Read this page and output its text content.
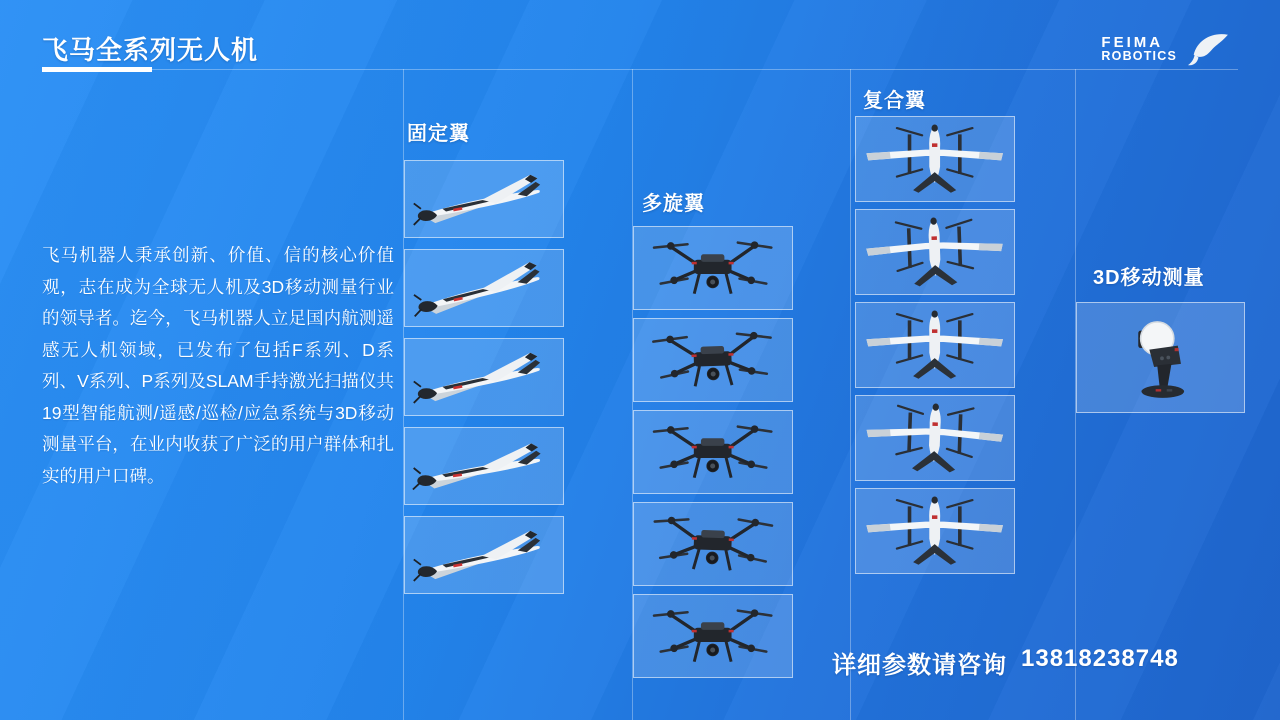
飞马全系列无人机	FEIMA
ROBOTICS

飞马机器人秉承创新、价值、信的核心价值观，志在成为全球无人机及3D移动测量行业的领导者。迄今，飞马机器人立足国内航测遥感无人机领域，已发布了包括F系列、D系列、V系列、P系列及SLAM手持激光扫描仪共19型智能航测/遥感/巡检/应急系统与3D移动测量平台，在业内收获了广泛的用户群体和扎实的用户口碑。

固定翼
多旋翼
复合翼
3D移动测量
详细参数请咨询 13818238748
